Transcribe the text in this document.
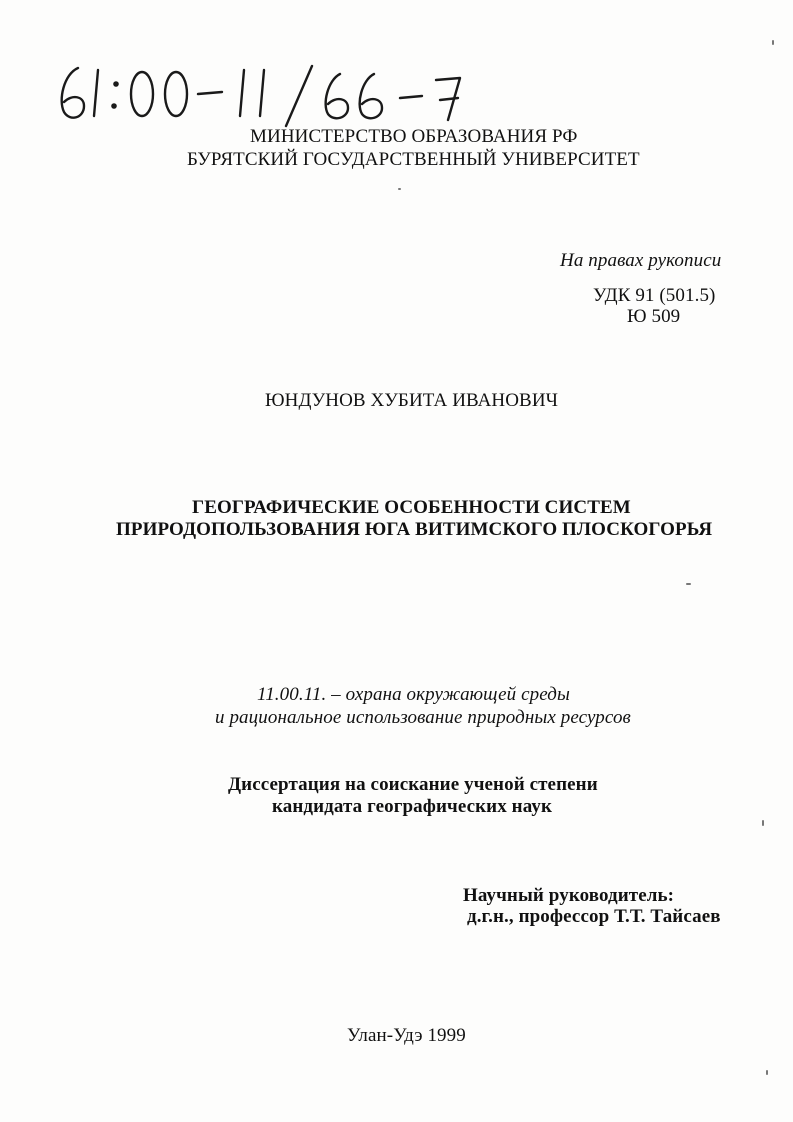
МИНИСТЕРСТВО ОБРАЗОВАНИЯ РФ
БУРЯТСКИЙ ГОСУДАРСТВЕННЫЙ УНИВЕРСИТЕТ
На правах рукописи
УДК 91 (501.5)
Ю 509
ЮНДУНОВ ХУБИТА ИВАНОВИЧ
ГЕОГРАФИЧЕСКИЕ ОСОБЕННОСТИ СИСТЕМ
ПРИРОДОПОЛЬЗОВАНИЯ ЮГА ВИТИМСКОГО ПЛОСКОГОРЬЯ
11.00.11. – охрана окружающей среды
и рациональное использование природных ресурсов
Диссертация на соискание ученой степени
кандидата географических наук
Научный руководитель:
д.г.н., профессор Т.Т. Тайсаев
Улан-Удэ 1999
